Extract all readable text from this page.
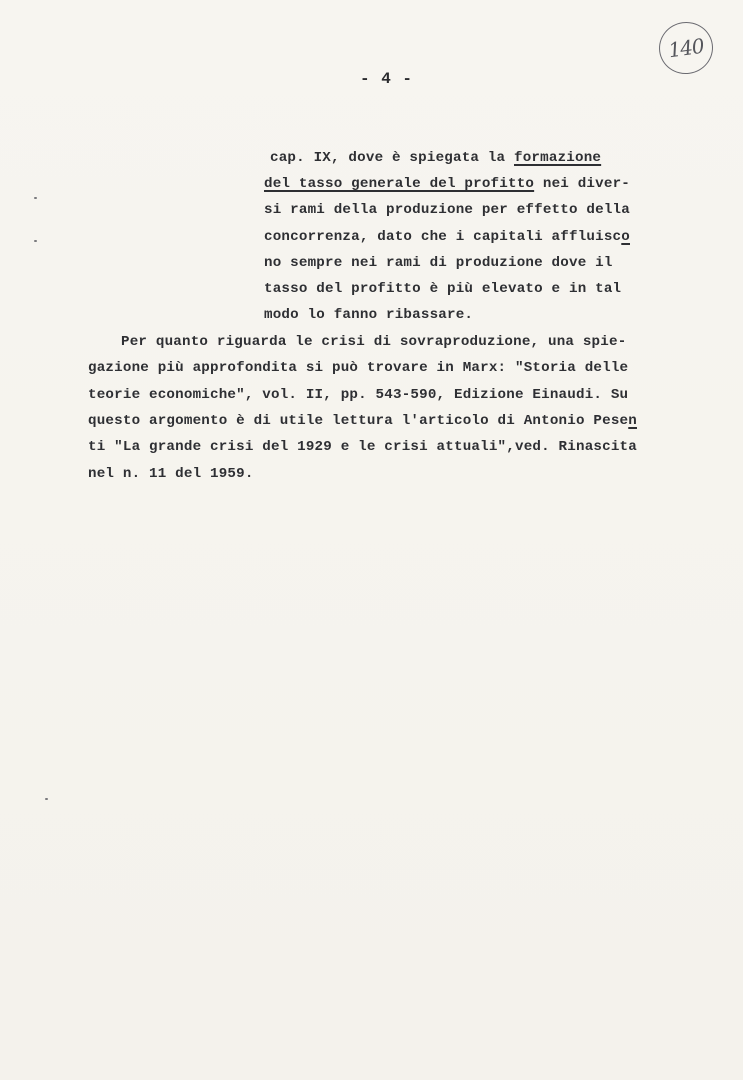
140
- 4 -
cap. IX, dove è spiegata la formazione
del tasso generale del profitto nei diver-
si rami della produzione per effetto della
concorrenza, dato che i capitali affluisco
no sempre nei rami di produzione dove il
tasso del profitto è più elevato e in tal
modo lo fanno ribassare.
Per quanto riguarda le crisi di sovraproduzione, una spie-
gazione più approfondita si può trovare in Marx: "Storia delle
teorie economiche", vol. II, pp. 543-590, Edizione Einaudi. Su
questo argomento è di utile lettura l'articolo di Antonio Pesen
ti "La grande crisi del 1929 e le crisi attuali",ved. Rinascita
nel n. 11 del 1959.
